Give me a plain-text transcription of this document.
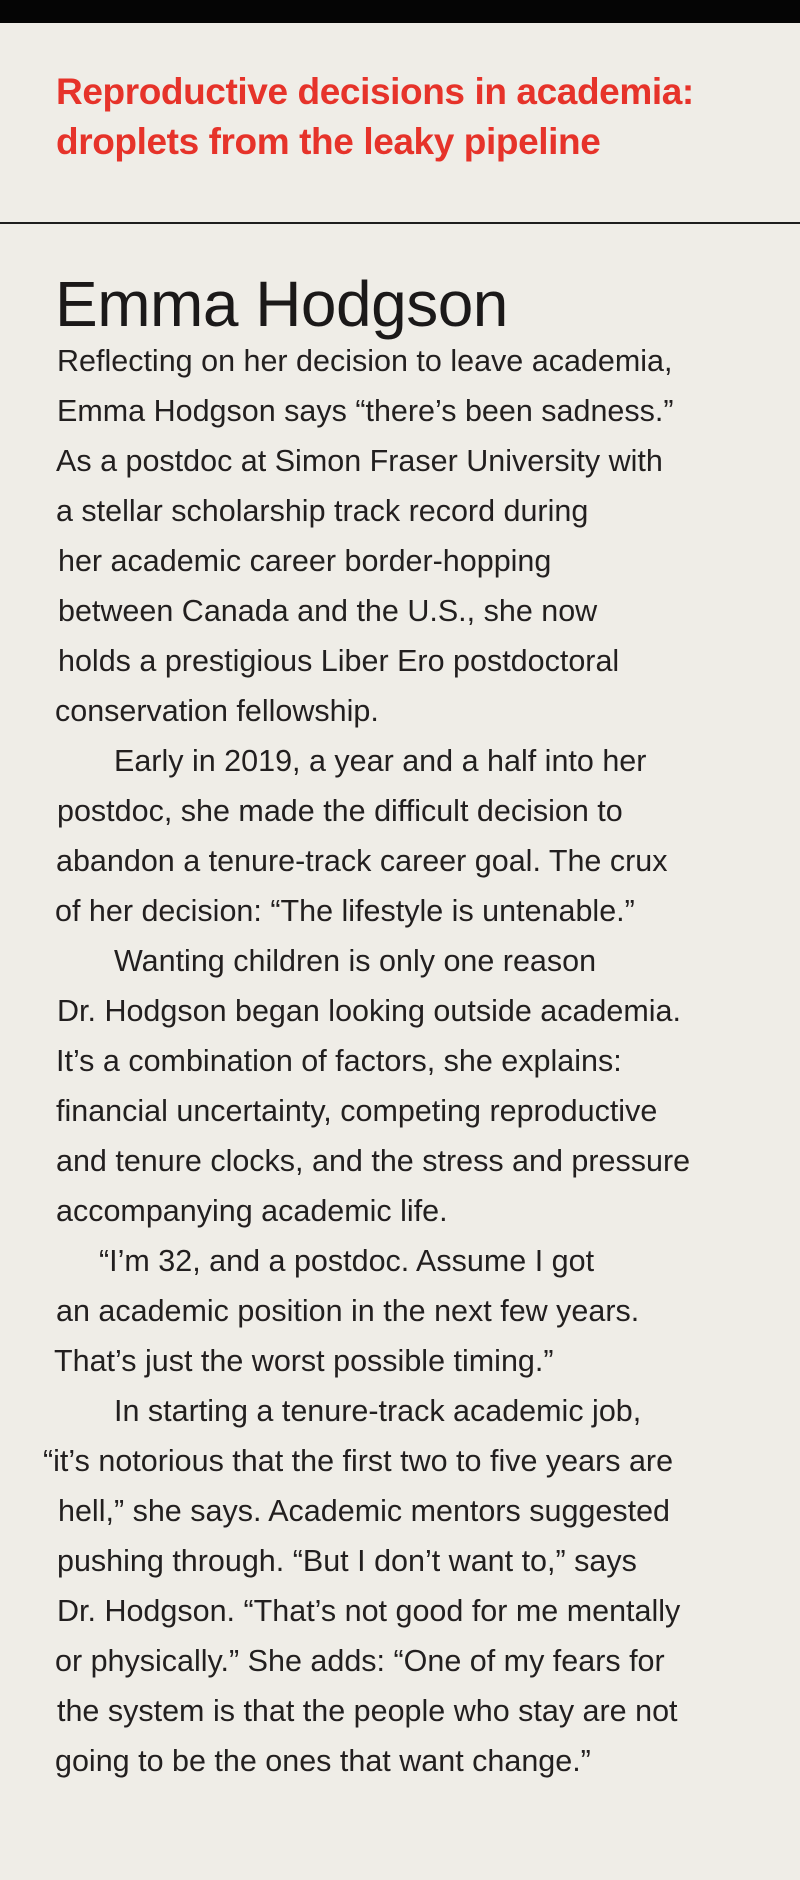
Reproductive decisions in academia:
droplets from the leaky pipeline
Emma Hodgson
Reflecting on her decision to leave academia,
Emma Hodgson says “there’s been sadness.”
As a postdoc at Simon Fraser University with
a stellar scholarship track record during
her academic career border-hopping
between Canada and the U.S., she now
holds a prestigious Liber Ero postdoctoral
conservation fellowship.
Early in 2019, a year and a half into her
postdoc, she made the difficult decision to
abandon a tenure-track career goal. The crux
of her decision: “The lifestyle is untenable.”
Wanting children is only one reason
Dr. Hodgson began looking outside academia.
It’s a combination of factors, she explains:
financial uncertainty, competing reproductive
and tenure clocks, and the stress and pressure
accompanying academic life.
“I’m 32, and a postdoc. Assume I got
an academic position in the next few years.
That’s just the worst possible timing.”
In starting a tenure-track academic job,
“it’s notorious that the first two to five years are
hell,” she says. Academic mentors suggested
pushing through. “But I don’t want to,” says
Dr. Hodgson. “That’s not good for me mentally
or physically.” She adds: “One of my fears for
the system is that the people who stay are not
going to be the ones that want change.”
